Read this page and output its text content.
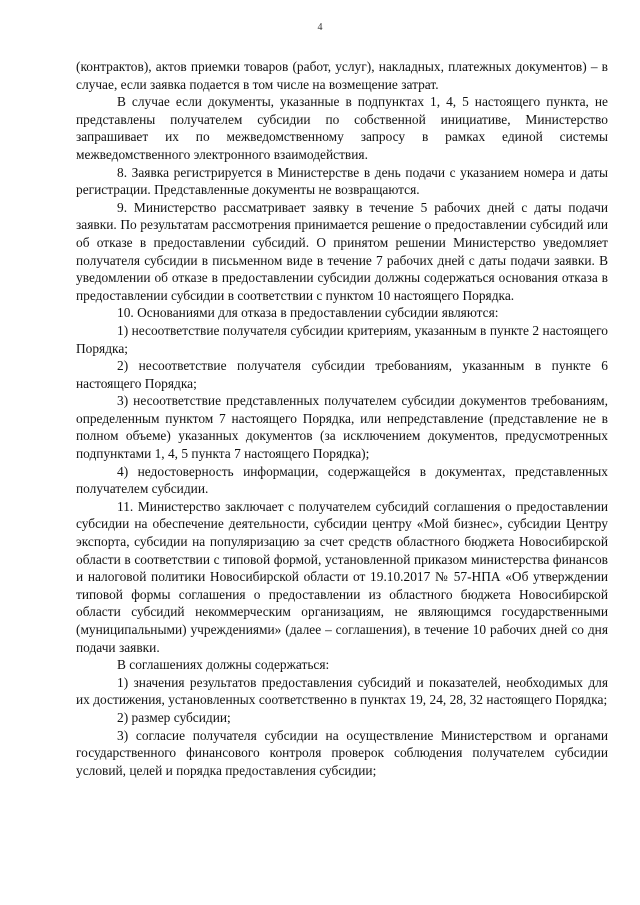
4

(контрактов), актов приемки товаров (работ, услуг), накладных, платежных документов) – в случае, если заявка подается в том числе на возмещение затрат.

В случае если документы, указанные в подпунктах 1, 4, 5 настоящего пункта, не представлены получателем субсидии по собственной инициативе, Министерство запрашивает их по межведомственному запросу в рамках единой системы межведомственного электронного взаимодействия.

8. Заявка регистрируется в Министерстве в день подачи с указанием номера и даты регистрации. Представленные документы не возвращаются.

9. Министерство рассматривает заявку в течение 5 рабочих дней с даты подачи заявки. По результатам рассмотрения принимается решение о предоставлении субсидий или об отказе в предоставлении субсидий. О принятом решении Министерство уведомляет получателя субсидии в письменном виде в течение 7 рабочих дней с даты подачи заявки. В уведомлении об отказе в предоставлении субсидии должны содержаться основания отказа в предоставлении субсидии в соответствии с пунктом 10 настоящего Порядка.

10. Основаниями для отказа в предоставлении субсидии являются:

1) несоответствие получателя субсидии критериям, указанным в пункте 2 настоящего Порядка;

2) несоответствие получателя субсидии требованиям, указанным в пункте 6 настоящего Порядка;

3) несоответствие представленных получателем субсидии документов требованиям, определенным пунктом 7 настоящего Порядка, или непредставление (представление не в полном объеме) указанных документов (за исключением документов, предусмотренных подпунктами 1, 4, 5 пункта 7 настоящего Порядка);

4) недостоверность информации, содержащейся в документах, представленных получателем субсидии.

11. Министерство заключает с получателем субсидий соглашения о предоставлении субсидии на обеспечение деятельности, субсидии центру «Мой бизнес», субсидии Центру экспорта, субсидии на популяризацию за счет средств областного бюджета Новосибирской области в соответствии с типовой формой, установленной приказом министерства финансов и налоговой политики Новосибирской области от 19.10.2017 № 57-НПА «Об утверждении типовой формы соглашения о предоставлении из областного бюджета Новосибирской области субсидий некоммерческим организациям, не являющимся государственными (муниципальными) учреждениями» (далее – соглашения), в течение 10 рабочих дней со дня подачи заявки.

В соглашениях должны содержаться:

1) значения результатов предоставления субсидий и показателей, необходимых для их достижения, установленных соответственно в пунктах 19, 24, 28, 32 настоящего Порядка;

2) размер субсидии;

3) согласие получателя субсидии на осуществление Министерством и органами государственного финансового контроля проверок соблюдения получателем субсидии условий, целей и порядка предоставления субсидии;
